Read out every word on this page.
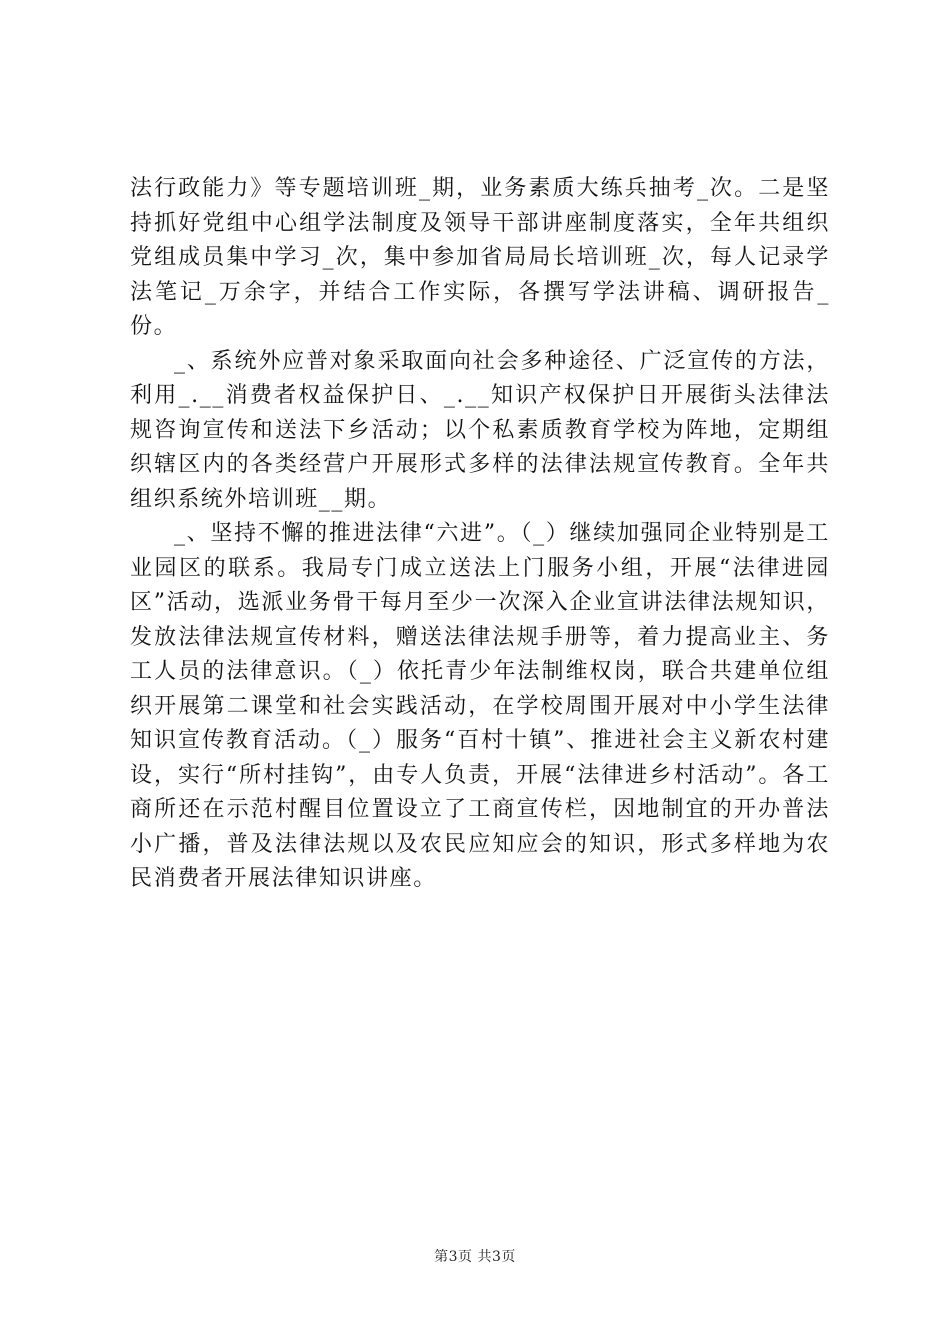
法行政能力》等专题培训班_期，业务素质大练兵抽考_次。二是坚持抓好党组中心组学法制度及领导干部讲座制度落实，全年共组织党组成员集中学习_次，集中参加省局局长培训班_次，每人记录学法笔记_万余字，并结合工作实际，各撰写学法讲稿、调研报告_份。

_、系统外应普对象采取面向社会多种途径、广泛宣传的方法，利用_.__消费者权益保护日、_.__知识产权保护日开展街头法律法规咨询宣传和送法下乡活动；以个私素质教育学校为阵地，定期组织辖区内的各类经营户开展形式多样的法律法规宣传教育。全年共组织系统外培训班__期。

_、坚持不懈的推进法律“六进”。（_）继续加强同企业特别是工业园区的联系。我局专门成立送法上门服务小组，开展“法律进园区”活动，选派业务骨干每月至少一次深入企业宣讲法律法规知识，发放法律法规宣传材料，赠送法律法规手册等，着力提高业主、务工人员的法律意识。（_）依托青少年法制维权岗，联合共建单位组织开展第二课堂和社会实践活动，在学校周围开展对中小学生法律知识宣传教育活动。（_）服务“百村十镇”、推进社会主义新农村建设，实行“所村挂钩”，由专人负责，开展“法律进乡村活动”。各工商所还在示范村醒目位置设立了工商宣传栏，因地制宜的开办普法小广播，普及法律法规以及农民应知应会的知识，形式多样地为农民消费者开展法律知识讲座。

第3页 共3页
